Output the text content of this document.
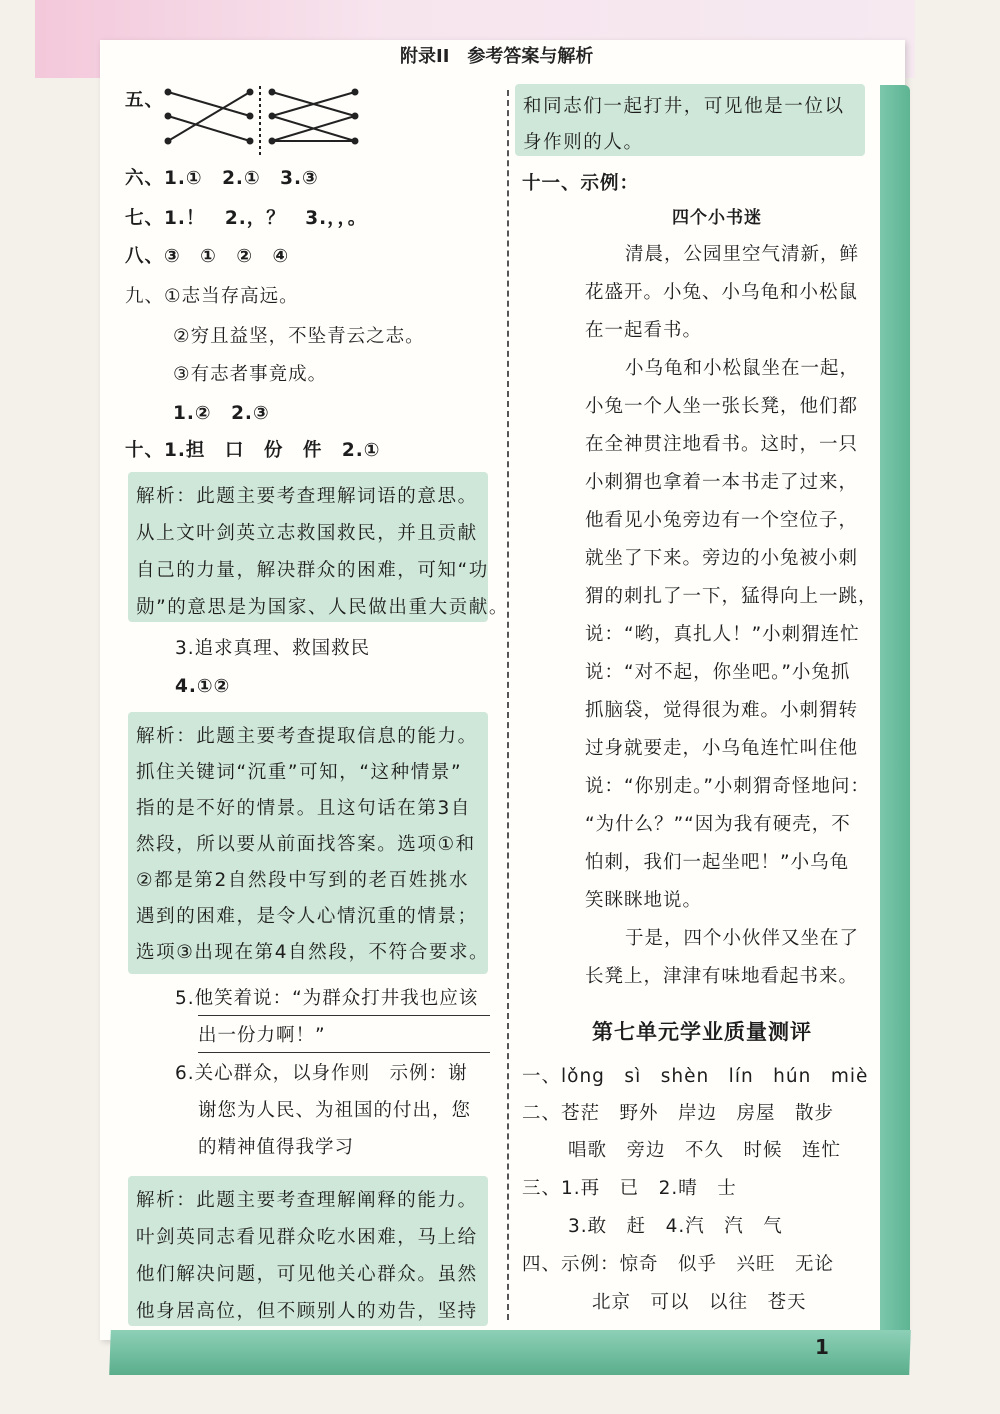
附录II　参考答案与解析
五、
六、1.①　2.①　3.③
七、1.！　2.，？　3.，，。
八、③　①　②　④
九、①志当存高远。
②穷且益坚，不坠青云之志。
③有志者事竟成。
1.②　2.③
十、1.担　口　份　件　2.①
解析：此题主要考查理解词语的意思。
从上文叶剑英立志救国救民，并且贡献
自己的力量，解决群众的困难，可知“功
勋”的意思是为国家、人民做出重大贡献。
3.追求真理、救国救民
4.①②
解析：此题主要考查提取信息的能力。
抓住关键词“沉重”可知，“这种情景”
指的是不好的情景。且这句话在第3自
然段，所以要从前面找答案。选项①和
②都是第2自然段中写到的老百姓挑水
遇到的困难，是令人心情沉重的情景；
选项③出现在第4自然段，不符合要求。
5.他笑着说：“为群众打井我也应该
出一份力啊！”
6.关心群众，以身作则　示例：谢
谢您为人民、为祖国的付出，您
的精神值得我学习
解析：此题主要考查理解阐释的能力。
叶剑英同志看见群众吃水困难，马上给
他们解决问题，可见他关心群众。虽然
他身居高位，但不顾别人的劝告，坚持
和同志们一起打井，可见他是一位以
身作则的人。
十一、示例：
四个小书迷
清晨，公园里空气清新，鲜
花盛开。小兔、小乌龟和小松鼠
在一起看书。
小乌龟和小松鼠坐在一起，
小兔一个人坐一张长凳，他们都
在全神贯注地看书。这时，一只
小刺猬也拿着一本书走了过来，
他看见小兔旁边有一个空位子，
就坐了下来。旁边的小兔被小刺
猬的刺扎了一下，猛得向上一跳，
说：“哟，真扎人！”小刺猬连忙
说：“对不起，你坐吧。”小兔抓
抓脑袋，觉得很为难。小刺猬转
过身就要走，小乌龟连忙叫住他
说：“你别走。”小刺猬奇怪地问：
“为什么？”“因为我有硬壳，不
怕刺，我们一起坐吧！”小乌龟
笑眯眯地说。
于是，四个小伙伴又坐在了
长凳上，津津有味地看起书来。
第七单元学业质量测评
一、lǒng　sì　shèn　lín　hún　miè
二、苍茫　野外　岸边　房屋　散步
唱歌　旁边　不久　时候　连忙
三、1.再　已　2.晴　士
3.敢　赶　4.汽　汽　气
四、示例：惊奇　似乎　兴旺　无论
北京　可以　以往　苍天
1
